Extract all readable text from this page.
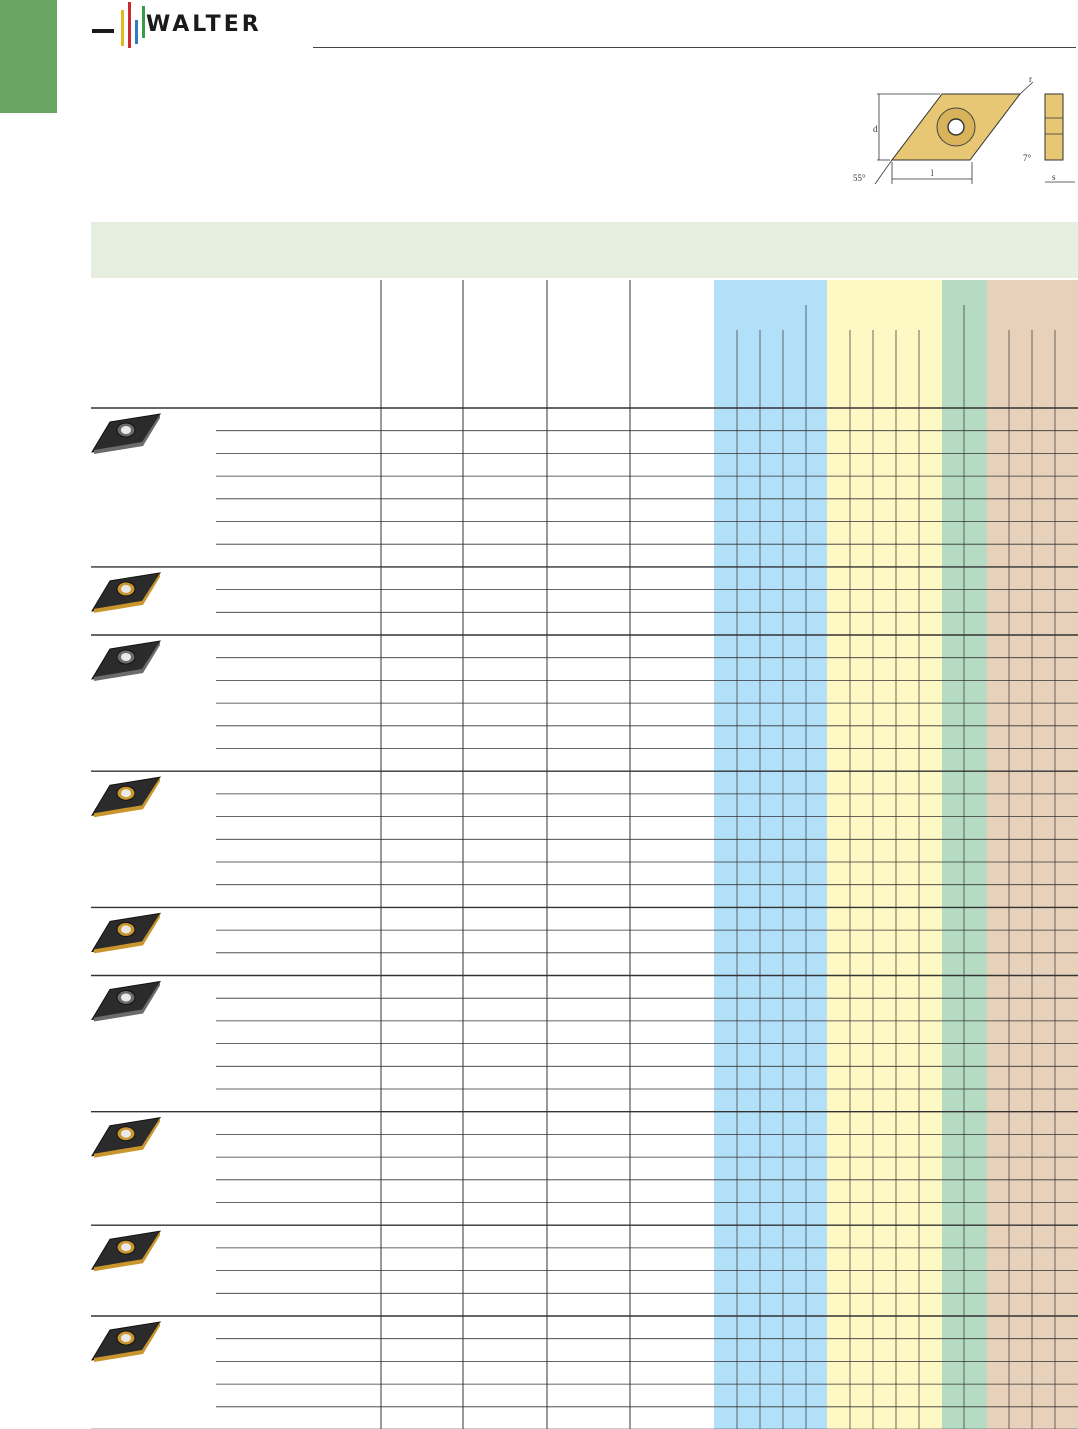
WALTER
d
l
55°
r
7°
s
